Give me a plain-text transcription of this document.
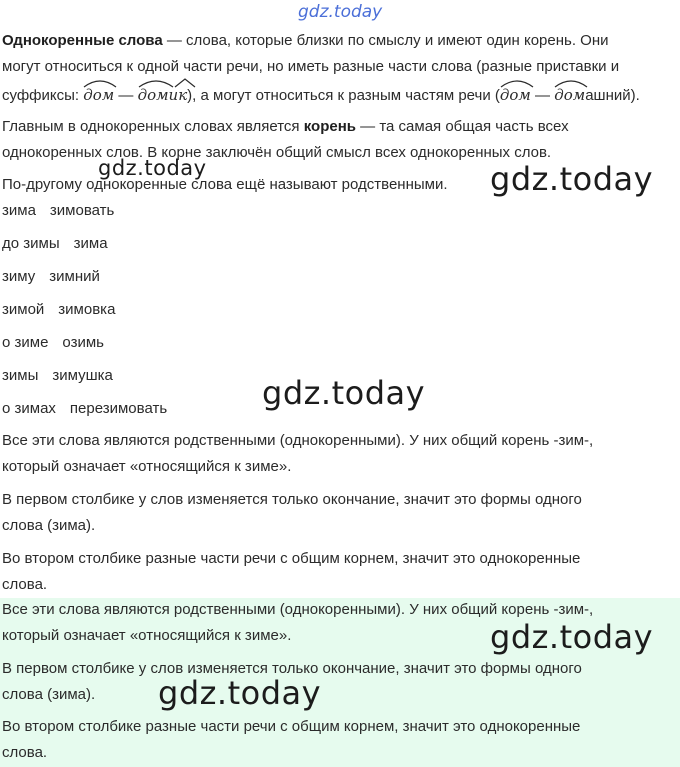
gdz.today
Однокоренные слова — слова, которые близки по смыслу и имеют один корень. Они
могут относиться к одной части речи, но иметь разные части слова (разные приставки и
суффиксы:
дом —
домик), а могут относиться к разным частям речи (
дом —
домашний).
Главным в однокоренных словах является корень — та самая общая часть всех
однокоренных слов. В корне заключён общий смысл всех однокоренных слов.
gdz.today
По-другому однокоренные слова ещё называют родственными. gdz.today
зима зимовать
до зимы зима
зиму зимний
зимой зимовка
о зиме озимь
зимы зимушка
о зимах перезимовать	gdz.today
Все эти слова являются родственными (однокоренными). У них общий корень -зим-,
который означает «относящийся к зиме».
В первом столбике у слов изменяется только окончание, значит это формы одного
слова (зима).
Во втором столбике разные части речи с общим корнем, значит это однокоренные
слова.
Все эти слова являются родственными (однокоренными). У них общий корень -зим-,
который означает «относящийся к зиме».	gdz.today
В первом столбике у слов изменяется только окончание, значит это формы одного
слова (зима). gdz.today
Во втором столбике разные части речи с общим корнем, значит это однокоренные
слова.
